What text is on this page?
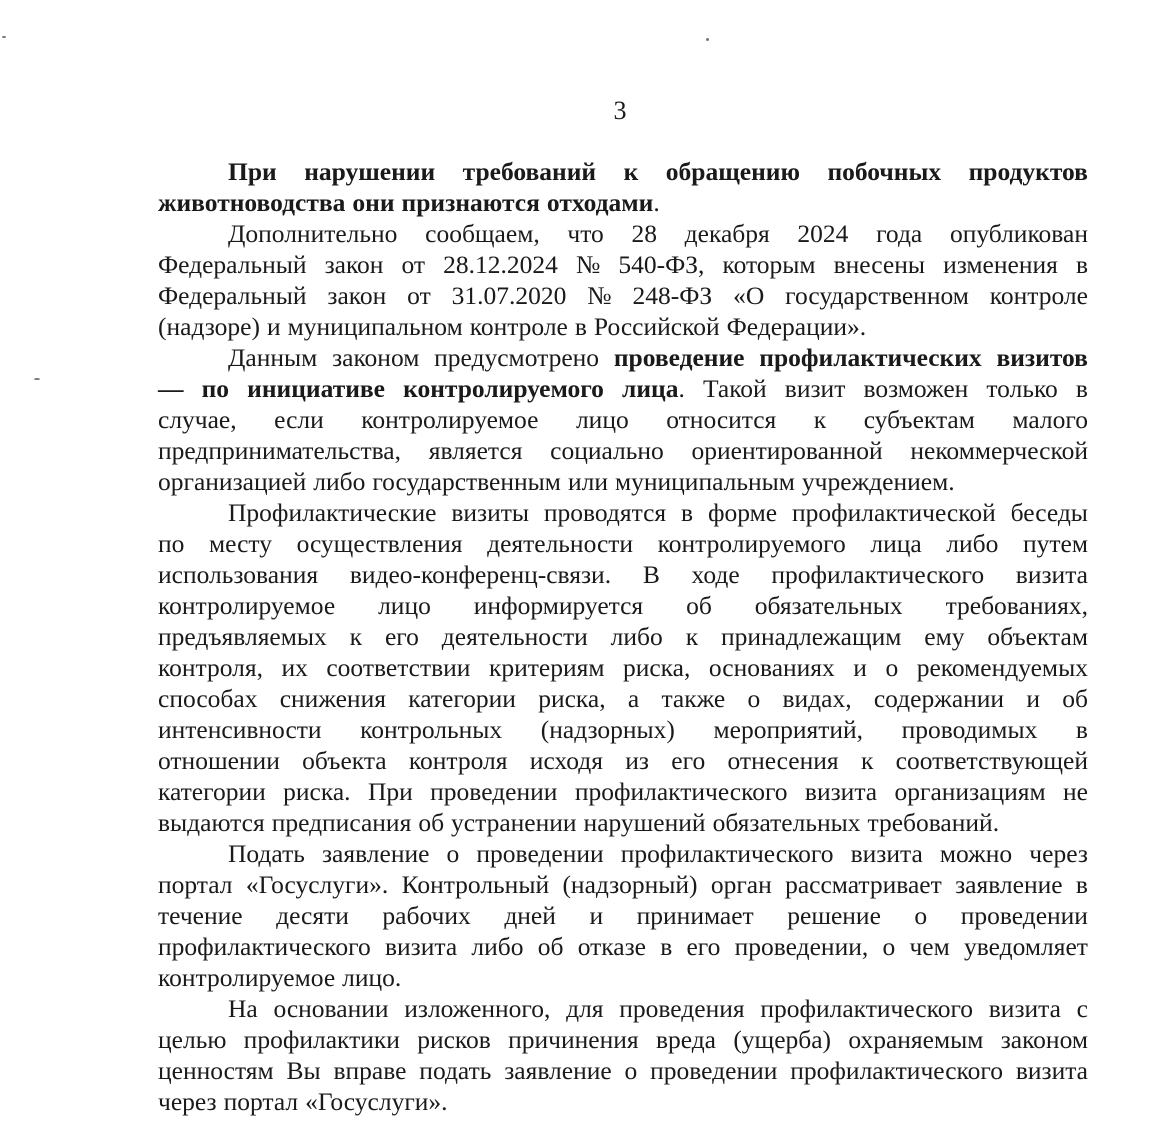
3
При нарушении требований к обращению побочных продуктов
животноводства они признаются отходами.
Дополнительно сообщаем, что 28 декабря 2024 года опубликован
Федеральный закон от 28.12.2024 № 540-ФЗ, которым внесены изменения в
Федеральный закон от 31.07.2020 № 248-ФЗ «О государственном контроле
(надзоре) и муниципальном контроле в Российской Федерации».
Данным законом предусмотрено проведение профилактических визитов
— по инициативе контролируемого лица. Такой визит возможен только в
случае, если контролируемое лицо относится к субъектам малого
предпринимательства, является социально ориентированной некоммерческой
организацией либо государственным или муниципальным учреждением.
Профилактические визиты проводятся в форме профилактической беседы
по месту осуществления деятельности контролируемого лица либо путем
использования видео-конференц-связи. В ходе профилактического визита
контролируемое лицо информируется об обязательных требованиях,
предъявляемых к его деятельности либо к принадлежащим ему объектам
контроля, их соответствии критериям риска, основаниях и о рекомендуемых
способах снижения категории риска, а также о видах, содержании и об
интенсивности контрольных (надзорных) мероприятий, проводимых в
отношении объекта контроля исходя из его отнесения к соответствующей
категории риска. При проведении профилактического визита организациям не
выдаются предписания об устранении нарушений обязательных требований.
Подать заявление о проведении профилактического визита можно через
портал «Госуслуги». Контрольный (надзорный) орган рассматривает заявление в
течение десяти рабочих дней и принимает решение о проведении
профилактического визита либо об отказе в его проведении, о чем уведомляет
контролируемое лицо.
На основании изложенного, для проведения профилактического визита с
целью профилактики рисков причинения вреда (ущерба) охраняемым законом
ценностям Вы вправе подать заявление о проведении профилактического визита
через портал «Госуслуги».
